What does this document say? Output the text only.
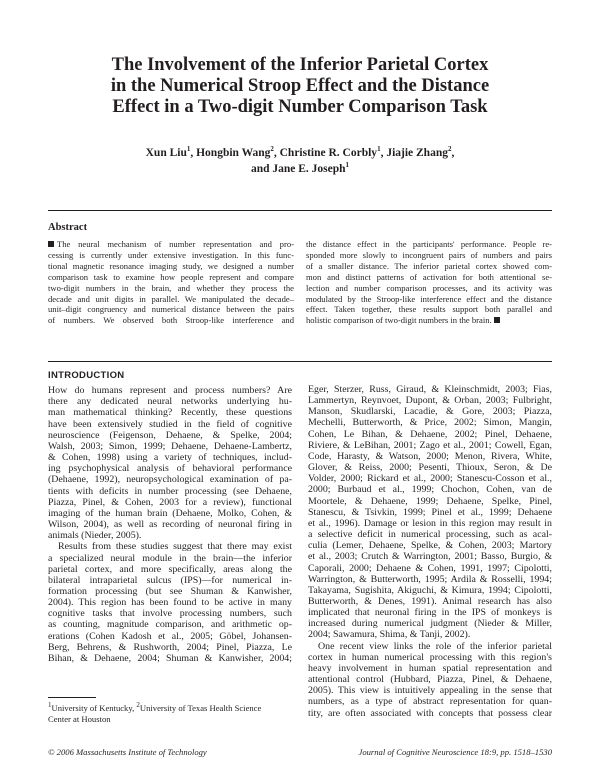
The Involvement of the Inferior Parietal Cortex
in the Numerical Stroop Effect and the Distance
Effect in a Two-digit Number Comparison Task
Xun Liu$^1$, Hongbin Wang$^2$, Christine R. Corbly$^1$, Jiajie Zhang$^2$,
and Jane E. Joseph$^1$
Abstract
The neural mechanism of number representation and pro-
cessing is currently under extensive investigation. In this func-
tional magnetic resonance imaging study, we designed a number
comparison task to examine how people represent and compare
two-digit numbers in the brain, and whether they process the
decade and unit digits in parallel. We manipulated the decade–
unit–digit congruency and numerical distance between the pairs
of numbers. We observed both Stroop-like interference and
the distance effect in the participants' performance. People re-
sponded more slowly to incongruent pairs of numbers and pairs
of a smaller distance. The inferior parietal cortex showed com-
mon and distinct patterns of activation for both attentional se-
lection and number comparison processes, and its activity was
modulated by the Stroop-like interference effect and the distance
effect. Taken together, these results support both parallel and
holistic comparison of two-digit numbers in the brain.
INTRODUCTION
How do humans represent and process numbers? Are
there any dedicated neural networks underlying hu-
man mathematical thinking? Recently, these questions
have been extensively studied in the field of cognitive
neuroscience (Feigenson, Dehaene, & Spelke, 2004;
Walsh, 2003; Simon, 1999; Dehaene, Dehaene-Lambertz,
& Cohen, 1998) using a variety of techniques, includ-
ing psychophysical analysis of behavioral performance
(Dehaene, 1992), neuropsychological examination of pa-
tients with deficits in number processing (see Dehaene,
Piazza, Pinel, & Cohen, 2003 for a review), functional
imaging of the human brain (Dehaene, Molko, Cohen, &
Wilson, 2004), as well as recording of neuronal firing in
animals (Nieder, 2005).
Results from these studies suggest that there may exist
a specialized neural module in the brain—the inferior
parietal cortex, and more specifically, areas along the
bilateral intraparietal sulcus (IPS)—for numerical in-
formation processing (but see Shuman & Kanwisher,
2004). This region has been found to be active in many
cognitive tasks that involve processing numbers, such
as counting, magnitude comparison, and arithmetic op-
erations (Cohen Kadosh et al., 2005; Göbel, Johansen-
Berg, Behrens, & Rushworth, 2004; Pinel, Piazza, Le
Bihan, & Dehaene, 2004; Shuman & Kanwisher, 2004;
Eger, Sterzer, Russ, Giraud, & Kleinschmidt, 2003; Fias,
Lammertyn, Reynvoet, Dupont, & Orban, 2003; Fulbright,
Manson, Skudlarski, Lacadie, & Gore, 2003; Piazza,
Mechelli, Butterworth, & Price, 2002; Simon, Mangin,
Cohen, Le Bihan, & Dehaene, 2002; Pinel, Dehaene,
Riviere, & LeBihan, 2001; Zago et al., 2001; Cowell, Egan,
Code, Harasty, & Watson, 2000; Menon, Rivera, White,
Glover, & Reiss, 2000; Pesenti, Thioux, Seron, & De
Volder, 2000; Rickard et al., 2000; Stanescu-Cosson et al.,
2000; Burbaud et al., 1999; Chochon, Cohen, van de
Moortele, & Dehaene, 1999; Dehaene, Spelke, Pinel,
Stanescu, & Tsivkin, 1999; Pinel et al., 1999; Dehaene
et al., 1996). Damage or lesion in this region may result in
a selective deficit in numerical processing, such as acal-
culia (Lemer, Dehaene, Spelke, & Cohen, 2003; Martory
et al., 2003; Crutch & Warrington, 2001; Basso, Burgio, &
Caporali, 2000; Dehaene & Cohen, 1991, 1997; Cipolotti,
Warrington, & Butterworth, 1995; Ardila & Rosselli, 1994;
Takayama, Sugishita, Akiguchi, & Kimura, 1994; Cipolotti,
Butterworth, & Denes, 1991). Animal research has also
implicated that neuronal firing in the IPS of monkeys is
increased during numerical judgment (Nieder & Miller,
2004; Sawamura, Shima, & Tanji, 2002).
One recent view links the role of the inferior parietal
cortex in human numerical processing with this region's
heavy involvement in human spatial representation and
attentional control (Hubbard, Piazza, Pinel, & Dehaene,
2005). This view is intuitively appealing in the sense that
numbers, as a type of abstract representation for quan-
tity, are often associated with concepts that possess clear
$^1$University of Kentucky, $^2$University of Texas Health Science
Center at Houston
© 2006 Massachusetts Institute of Technology	Journal of Cognitive Neuroscience 18:9, pp. 1518–1530
